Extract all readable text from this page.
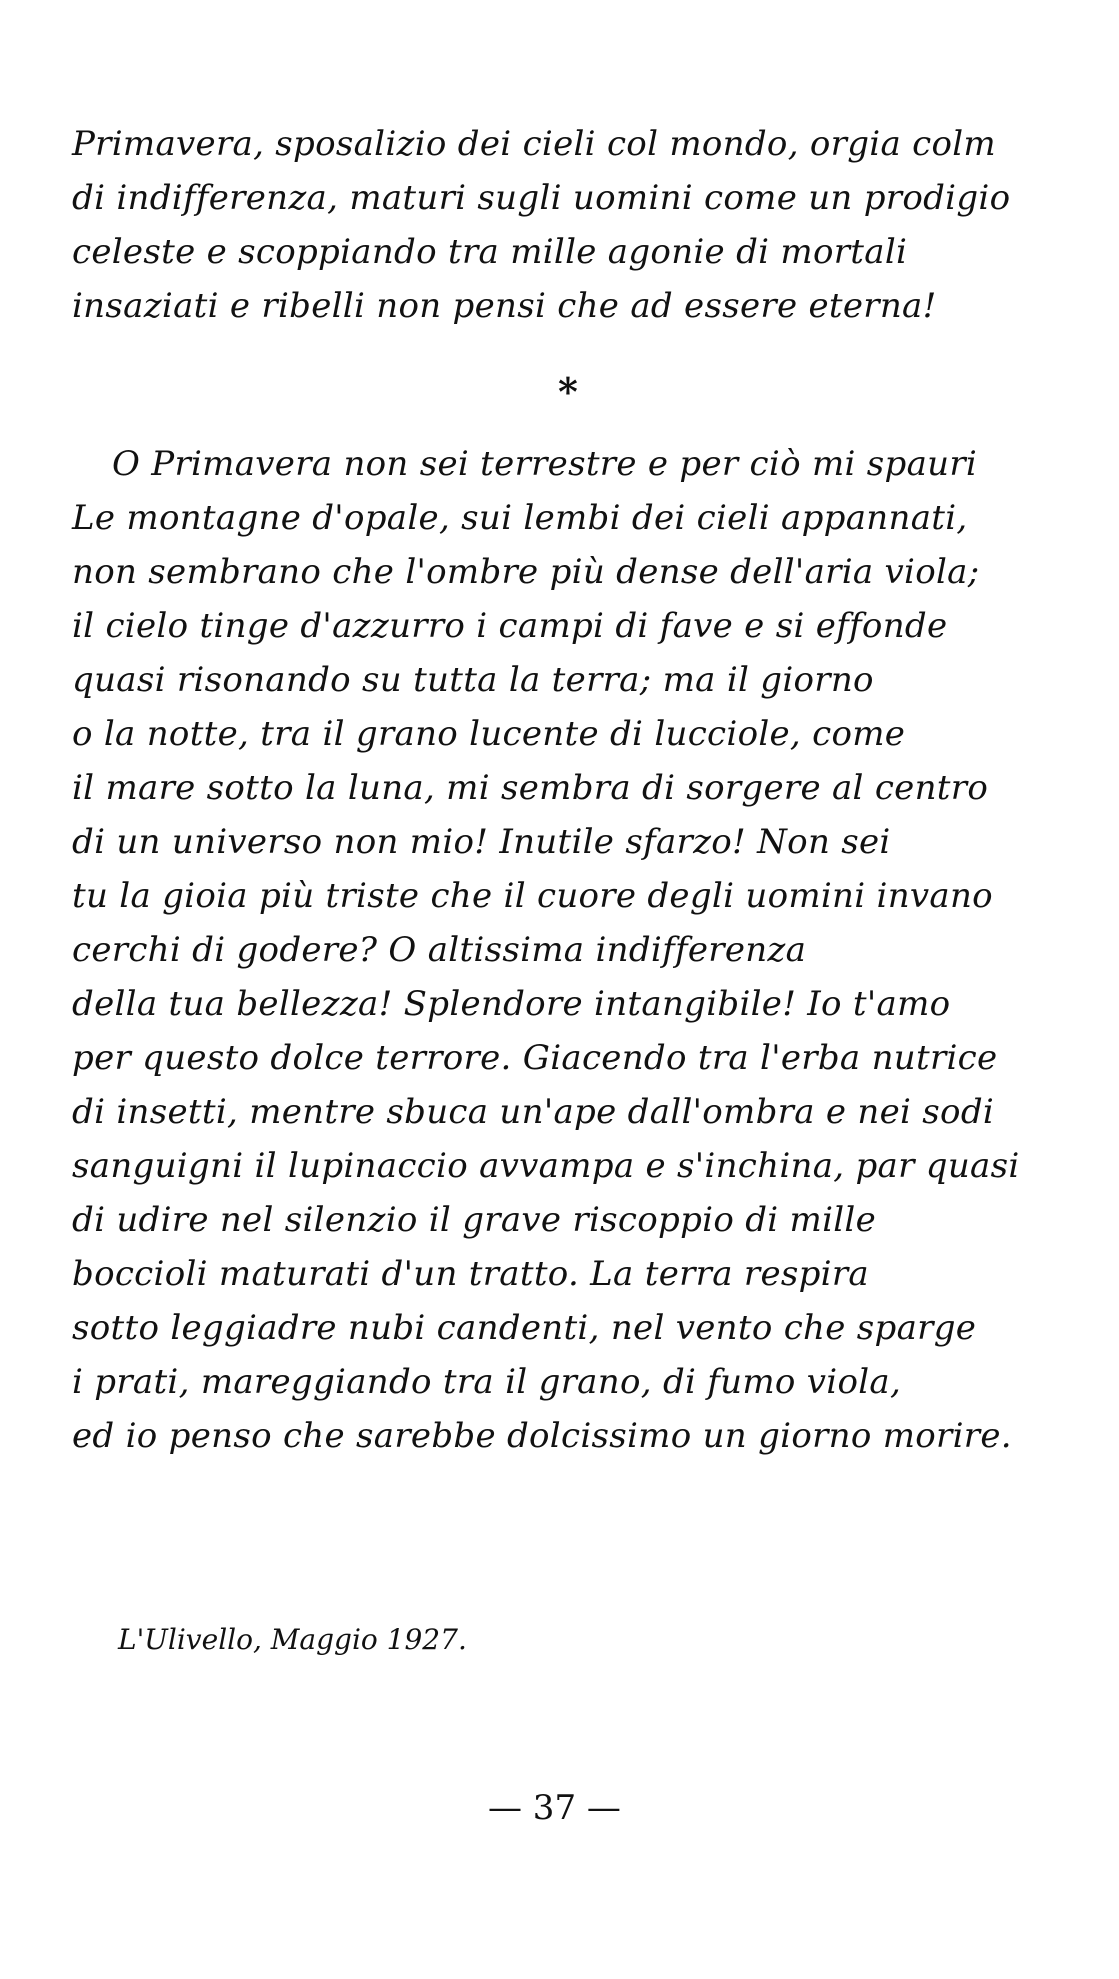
Primavera, sposalizio dei cieli col mondo, orgia colm
di indifferenza, maturi sugli uomini come un prodigio
celeste e scoppiando tra mille agonie di mortali
insaziati e ribelli non pensi che ad essere eterna!
*
O Primavera non sei terrestre e per ciò mi spauri
Le montagne d'opale, sui lembi dei cieli appannati,
non sembrano che l'ombre più dense dell'aria viola;
il cielo tinge d'azzurro i campi di fave e si effonde
quasi risonando su tutta la terra; ma il giorno
o la notte, tra il grano lucente di lucciole, come
il mare sotto la luna, mi sembra di sorgere al centro
di un universo non mio! Inutile sfarzo! Non sei
tu la gioia più triste che il cuore degli uomini invano
cerchi di godere? O altissima indifferenza
della tua bellezza! Splendore intangibile! Io t'amo
per questo dolce terrore. Giacendo tra l'erba nutrice
di insetti, mentre sbuca un'ape dall'ombra e nei sodi
sanguigni il lupinaccio avvampa e s'inchina, par quasi
di udire nel silenzio il grave riscoppio di mille
boccioli maturati d'un tratto. La terra respira
sotto leggiadre nubi candenti, nel vento che sparge
i prati, mareggiando tra il grano, di fumo viola,
ed io penso che sarebbe dolcissimo un giorno morire.
L'Ulivello, Maggio 1927.
— 37 —
